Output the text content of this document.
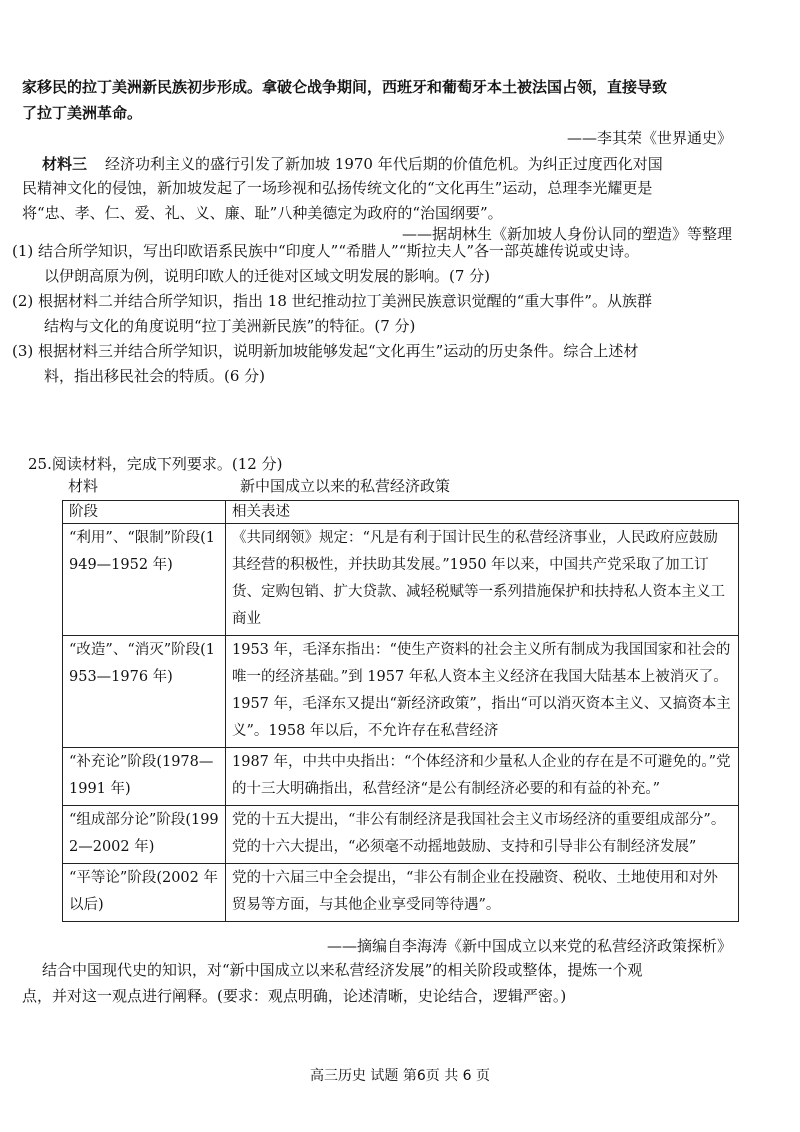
家移民的拉丁美洲新民族初步形成。拿破仑战争期间，西班牙和葡萄牙本土被法国占领，直接导致
了拉丁美洲革命。
——李其荣《世界通史》
材料三 经济功利主义的盛行引发了新加坡 1970 年代后期的价值危机。为纠正过度西化对国
民精神文化的侵蚀，新加坡发起了一场珍视和弘扬传统文化的“文化再生”运动，总理李光耀更是
将“忠、孝、仁、爱、礼、义、廉、耻”八种美德定为政府的“治国纲要”。
——据胡林生《新加坡人身份认同的塑造》等整理
(1) 结合所学知识，写出印欧语系民族中“印度人”“希腊人”“斯拉夫人”各一部英雄传说或史诗。
以伊朗高原为例，说明印欧人的迁徙对区域文明发展的影响。(7 分)
(2) 根据材料二并结合所学知识，指出 18 世纪推动拉丁美洲民族意识觉醒的“重大事件”。从族群
结构与文化的角度说明“拉丁美洲新民族”的特征。(7 分)
(3) 根据材料三并结合所学知识，说明新加坡能够发起“文化再生”运动的历史条件。综合上述材
料，指出移民社会的特质。(6 分)
25.阅读材料，完成下列要求。(12 分)
材料	新中国成立以来的私营经济政策
阶段	相关表述
“利用”、“限制”阶段(1949—1952 年)	《共同纲领》规定：“凡是有利于国计民生的私营经济事业，人民政府应鼓励其经营的积极性，并扶助其发展。”1950 年以来，中国共产党采取了加工订货、定购包销、扩大贷款、减轻税赋等一系列措施保护和扶持私人资本主义工商业
“改造”、“消灭”阶段(1953—1976 年)	1953 年，毛泽东指出：“使生产资料的社会主义所有制成为我国国家和社会的唯一的经济基础。”到 1957 年私人资本主义经济在我国大陆基本上被消灭了。1957 年，毛泽东又提出“新经济政策”，指出“可以消灭资本主义、又搞资本主义”。1958 年以后，不允许存在私营经济
“补充论”阶段(1978—1991 年)	1987 年，中共中央指出：“个体经济和少量私人企业的存在是不可避免的。”党的十三大明确指出，私营经济“是公有制经济必要的和有益的补充。”
“组成部分论”阶段(1992—2002 年)	党的十五大提出，“非公有制经济是我国社会主义市场经济的重要组成部分”。党的十六大提出，“必须毫不动摇地鼓励、支持和引导非公有制经济发展”
“平等论”阶段(2002 年以后)	党的十六届三中全会提出，“非公有制企业在投融资、税收、土地使用和对外贸易等方面，与其他企业享受同等待遇”。
——摘编自李海涛《新中国成立以来党的私营经济政策探析》
结合中国现代史的知识，对“新中国成立以来私营经济发展”的相关阶段或整体，提炼一个观
点，并对这一观点进行阐释。(要求：观点明确，论述清晰，史论结合，逻辑严密。)
高三历史 试题 第6页 共 6 页
